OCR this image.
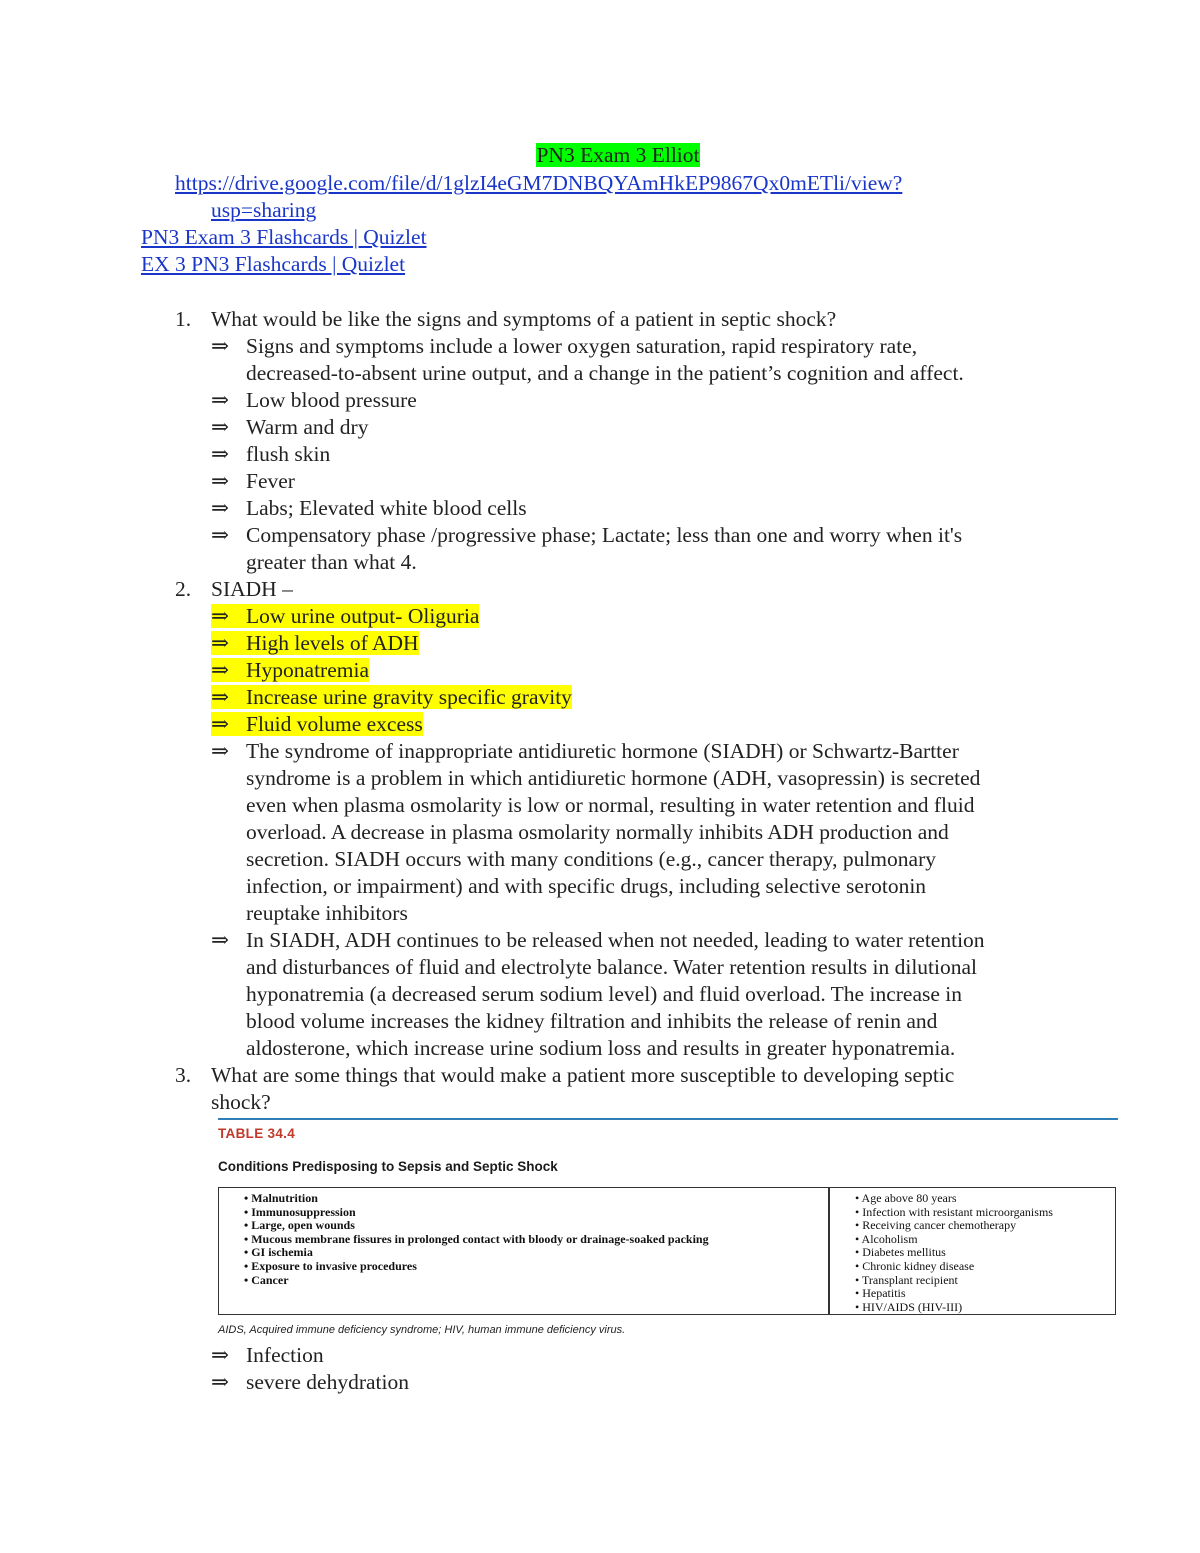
PN3 Exam 3 Elliot
https://drive.google.com/file/d/1glzI4eGM7DNBQYAmHkEP9867Qx0mETli/view?
usp=sharing
PN3 Exam 3 Flashcards | Quizlet
EX 3 PN3 Flashcards | Quizlet
1. What would be like the signs and symptoms of a patient in septic shock?
⇒ Signs and symptoms include a lower oxygen saturation, rapid respiratory rate,
decreased-to-absent urine output, and a change in the patient’s cognition and affect.
⇒ Low blood pressure
⇒ Warm and dry
⇒ flush skin
⇒ Fever
⇒ Labs; Elevated white blood cells
⇒ Compensatory phase /progressive phase; Lactate; less than one and worry when it's
greater than what 4.
2. SIADH –
⇒ Low urine output- Oliguria
⇒ High levels of ADH
⇒ Hyponatremia
⇒ Increase urine gravity specific gravity
⇒ Fluid volume excess
⇒ The syndrome of inappropriate antidiuretic hormone (SIADH) or Schwartz-Bartter
syndrome is a problem in which antidiuretic hormone (ADH, vasopressin) is secreted
even when plasma osmolarity is low or normal, resulting in water retention and fluid
overload. A decrease in plasma osmolarity normally inhibits ADH production and
secretion. SIADH occurs with many conditions (e.g., cancer therapy, pulmonary
infection, or impairment) and with specific drugs, including selective serotonin
reuptake inhibitors
⇒ In SIADH, ADH continues to be released when not needed, leading to water retention
and disturbances of fluid and electrolyte balance. Water retention results in dilutional
hyponatremia (a decreased serum sodium level) and fluid overload. The increase in
blood volume increases the kidney filtration and inhibits the release of renin and
aldosterone, which increase urine sodium loss and results in greater hyponatremia.
3. What are some things that would make a patient more susceptible to developing septic
shock?
TABLE 34.4
Conditions Predisposing to Sepsis and Septic Shock
• Malnutrition
• Immunosuppression
• Large, open wounds
• Mucous membrane fissures in prolonged contact with bloody or drainage-soaked packing
• GI ischemia
• Exposure to invasive procedures
• Cancer
• Age above 80 years
• Infection with resistant microorganisms
• Receiving cancer chemotherapy
• Alcoholism
• Diabetes mellitus
• Chronic kidney disease
• Transplant recipient
• Hepatitis
• HIV/AIDS (HIV-III)
AIDS, Acquired immune deficiency syndrome; HIV, human immune deficiency virus.
⇒ Infection
⇒ severe dehydration
